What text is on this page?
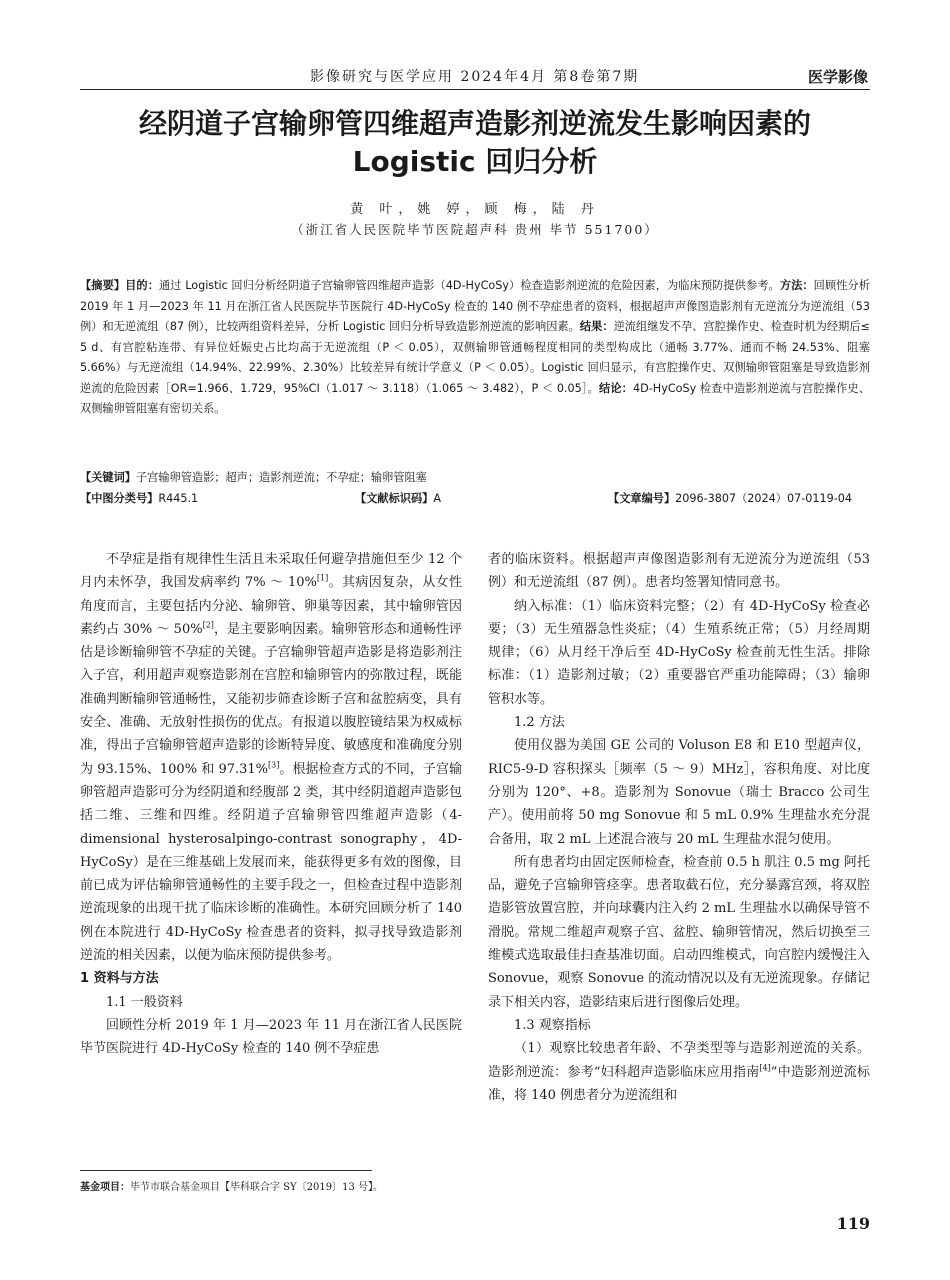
影像研究与医学应用 2024年4月 第8卷第7期	医学影像
经阴道子宫输卵管四维超声造影剂逆流发生影响因素的
Logistic 回归分析
黄 叶，姚 婷，顾 梅，陆 丹
（浙江省人民医院毕节医院超声科 贵州 毕节 551700）
【摘要】目的：通过 Logistic 回归分析经阴道子宫输卵管四维超声造影（4D-HyCoSy）检查造影剂逆流的危险因素，为临床预防提供参考。方法：回顾性分析 2019 年 1 月—2023 年 11 月在浙江省人民医院毕节医院行 4D-HyCoSy 检查的 140 例不孕症患者的资料，根据超声声像图造影剂有无逆流分为逆流组（53 例）和无逆流组（87 例），比较两组资料差异，分析 Logistic 回归分析导致造影剂逆流的影响因素。结果：逆流组继发不孕、宫腔操作史、检查时机为经期后≤ 5 d、有宫腔粘连带、有异位妊娠史占比均高于无逆流组（P ＜ 0.05），双侧输卵管通畅程度相同的类型构成比（通畅 3.77%、通而不畅 24.53%、阻塞 5.66%）与无逆流组（14.94%、22.99%、2.30%）比较差异有统计学意义（P ＜ 0.05）。Logistic 回归显示，有宫腔操作史、双侧输卵管阻塞是导致造影剂逆流的危险因素［OR=1.966、1.729，95%CI（1.017 ～ 3.118）（1.065 ～ 3.482），P ＜ 0.05］。结论：4D-HyCoSy 检查中造影剂逆流与宫腔操作史、双侧输卵管阻塞有密切关系。
【关键词】子宫输卵管造影；超声；造影剂逆流；不孕症；输卵管阻塞
【中图分类号】R445.1	【文献标识码】A	【文章编号】2096-3807（2024）07-0119-04

不孕症是指有规律性生活且未采取任何避孕措施但至少 12 个月内未怀孕，我国发病率约 7% ～ 10%[1]。其病因复杂，从女性角度而言，主要包括内分泌、输卵管、卵巢等因素，其中输卵管因素约占 30% ～ 50%[2]，是主要影响因素。输卵管形态和通畅性评估是诊断输卵管不孕症的关键。子宫输卵管超声造影是将造影剂注入子宫，利用超声观察造影剂在宫腔和输卵管内的弥散过程，既能准确判断输卵管通畅性，又能初步筛查诊断子宫和盆腔病变，具有安全、准确、无放射性损伤的优点。有报道以腹腔镜结果为权威标准，得出子宫输卵管超声造影的诊断特异度、敏感度和准确度分别为 93.15%、100% 和 97.31%[3]。根据检查方式的不同，子宫输卵管超声造影可分为经阴道和经腹部 2 类，其中经阴道超声造影包括二维、三维和四维。经阴道子宫输卵管四维超声造影（4-dimensional hysterosalpingo-contrast sonography，4D-HyCoSy）是在三维基础上发展而来，能获得更多有效的图像，目前已成为评估输卵管通畅性的主要手段之一，但检查过程中造影剂逆流现象的出现干扰了临床诊断的准确性。本研究回顾分析了 140 例在本院进行 4D-HyCoSy 检查患者的资料，拟寻找导致造影剂逆流的相关因素，以便为临床预防提供参考。

1 资料与方法

1.1 一般资料

回顾性分析 2019 年 1 月—2023 年 11 月在浙江省人民医院毕节医院进行 4D-HyCoSy 检查的 140 例不孕症患

者的临床资料。根据超声声像图造影剂有无逆流分为逆流组（53 例）和无逆流组（87 例）。患者均签署知情同意书。

纳入标准：（1）临床资料完整；（2）有 4D-HyCoSy 检查必要；（3）无生殖器急性炎症；（4）生殖系统正常；（5）月经周期规律；（6）从月经干净后至 4D-HyCoSy 检查前无性生活。排除标准：（1）造影剂过敏；（2）重要器官严重功能障碍；（3）输卵管积水等。

1.2 方法

使用仪器为美国 GE 公司的 Voluson E8 和 E10 型超声仪，RIC5-9-D 容积探头［频率（5 ～ 9）MHz］，容积角度、对比度分别为 120°、+8。造影剂为 Sonovue（瑞士 Bracco 公司生产）。使用前将 50 mg Sonovue 和 5 mL 0.9% 生理盐水充分混合备用，取 2 mL 上述混合液与 20 mL 生理盐水混匀使用。

所有患者均由固定医师检查，检查前 0.5 h 肌注 0.5 mg 阿托品，避免子宫输卵管痉挛。患者取截石位，充分暴露宫颈，将双腔造影管放置宫腔，并向球囊内注入约 2 mL 生理盐水以确保导管不滑脱。常规二维超声观察子宫、盆腔、输卵管情况，然后切换至三维模式选取最佳扫查基准切面。启动四维模式，向宫腔内缓慢注入 Sonovue，观察 Sonovue 的流动情况以及有无逆流现象。存储记录下相关内容，造影结束后进行图像后处理。

1.3 观察指标

（1）观察比较患者年龄、不孕类型等与造影剂逆流的关系。造影剂逆流：参考“妇科超声造影临床应用指南[4]”中造影剂逆流标准，将 140 例患者分为逆流组和

基金项目：毕节市联合基金项目【毕科联合字 SY〔2019〕13 号】。
119
